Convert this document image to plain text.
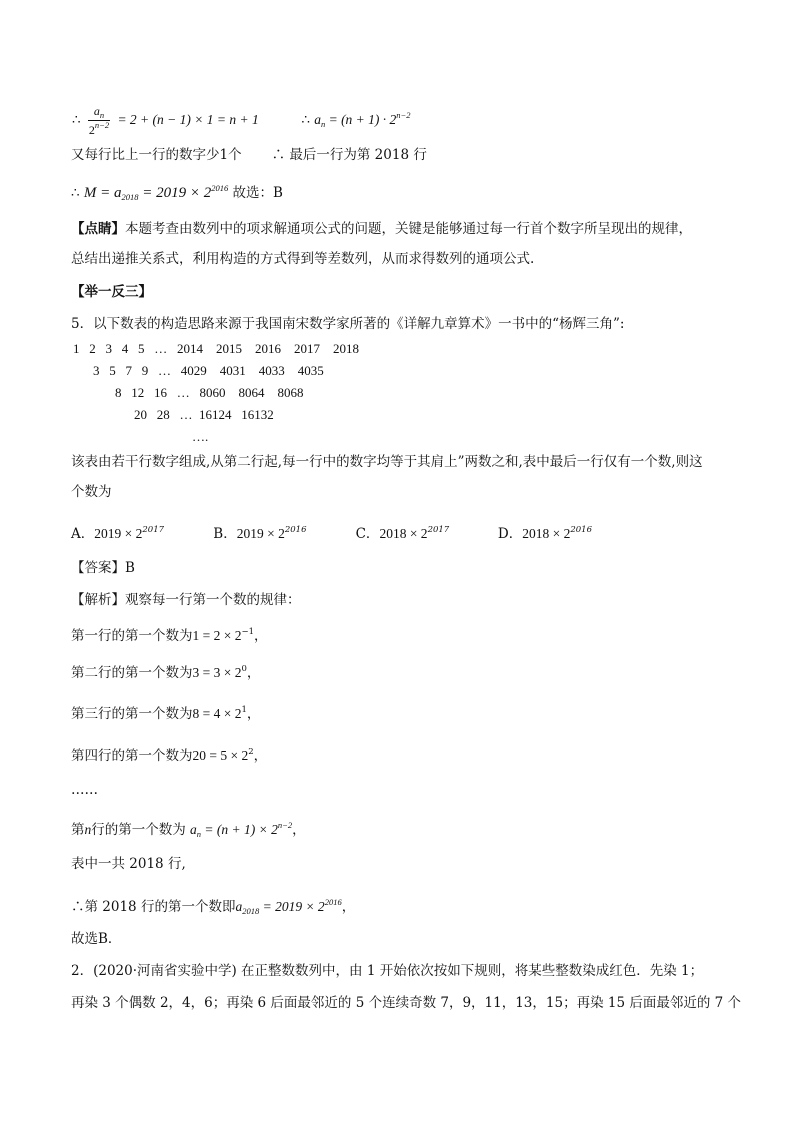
∴ $\frac{a_n}{2^{n-2}} = 2 + (n - 1) \times 1 = n + 1$	∴ $a_n = (n + 1) \cdot 2^{n-2}$
又每行比上一行的数字少1个 ∴ 最后一行为第 2018 行
∴ $M = a_{2018} = 2019 \times 2^{2016}$ 故选：B
【点睛】本题考查由数列中的项求解通项公式的问题，关键是能够通过每一行首个数字所呈现出的规律，
总结出递推关系式，利用构造的方式得到等差数列，从而求得数列的通项公式.
【举一反三】
5．以下数表的构造思路来源于我国南宋数学家所著的《详解九章算术》一书中的“杨辉三角”:
1   2   3   4   5   …   2014    2015    2016    2017    2018
3   5   7   9   …   4029    4031    4033    4035
8   12   16   …   8060    8064    8068
20   28   …  16124   16132
….
该表由若干行数字组成,从第二行起,每一行中的数字均等于其肩上”两数之和,表中最后一行仅有一个数,则这
个数为
A．$2019 \times 2^{2017}$	B．$2019 \times 2^{2016}$	C．$2018 \times 2^{2017}$	D．$2018 \times 2^{2016}$
【答案】B
【解析】观察每一行第一个数的规律：
第一行的第一个数为$1 = 2 \times 2^{-1}$，
第二行的第一个数为$3 = 3 \times 2^0$，
第三行的第一个数为$8 = 4 \times 2^1$，
第四行的第一个数为$20 = 5 \times 2^2$，
……
第n行的第一个数为 $a_n = (n + 1) \times 2^{n-2}$，
表中一共 2018 行,
∴第 2018 行的第一个数即$a_{2018} = 2019 \times 2^{2016}$，
故选B．
2．(2020·河南省实验中学) 在正整数数列中，由 1 开始依次按如下规则，将某些整数染成红色．先染 1；
再染 3 个偶数 2，4，6；再染 6 后面最邻近的 5 个连续奇数 7，9，11，13，15；再染 15 后面最邻近的 7 个
